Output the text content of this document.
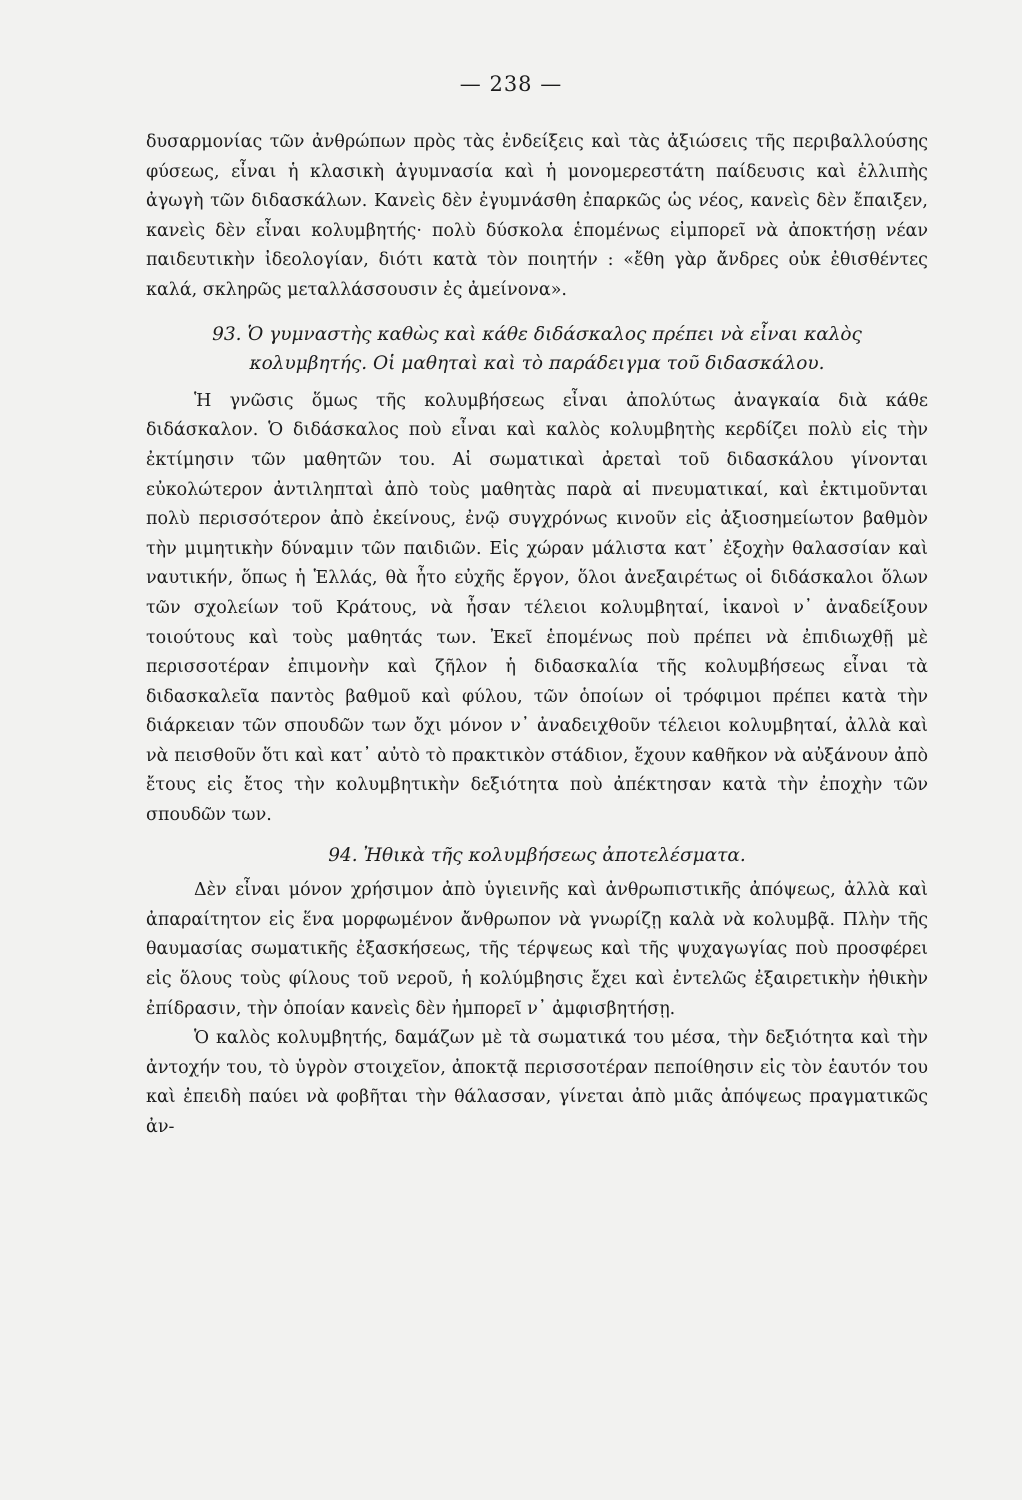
— 238 —

δυσαρμονίας τῶν ἀνθρώπων πρὸς τὰς ἐνδείξεις καὶ τὰς ἀξιώσεις τῆς περιβαλλούσης φύσεως, εἶναι ἡ κλασικὴ ἀγυμνασία καὶ ἡ μονομερεστάτη παίδευσις καὶ ἐλλιπὴς ἀγωγὴ τῶν διδασκάλων. Κανεὶς δὲν ἐγυμνάσθη ἐπαρκῶς ὡς νέος, κανεὶς δὲν ἔπαιξεν, κανεὶς δὲν εἶναι κολυμβητής· πολὺ δύσκολα ἑπομένως εἰμπορεῖ νὰ ἀποκτήσῃ νέαν παιδευτικὴν ἰδεολογίαν, διότι κατὰ τὸν ποιητήν : «ἔθη γὰρ ἄνδρες οὐκ ἐθισθέντες καλά, σκληρῶς μεταλλάσσουσιν ἐς ἀμείνονα».

93. Ὁ γυμναστὴς καθὼς καὶ κάθε διδάσκαλος πρέπει νὰ εἶναι καλὸς κολυμβητής. Οἱ μαθηταὶ καὶ τὸ παράδειγμα τοῦ διδασκάλου.

Ἡ γνῶσις ὅμως τῆς κολυμβήσεως εἶναι ἀπολύτως ἀναγκαία διὰ κάθε διδάσκαλον. Ὁ διδάσκαλος ποὺ εἶναι καὶ καλὸς κολυμβητὴς κερδίζει πολὺ εἰς τὴν ἐκτίμησιν τῶν μαθητῶν του. Αἱ σωματικαὶ ἀρεταὶ τοῦ διδασκάλου γίνονται εὐκολώτερον ἀντιληπταὶ ἀπὸ τοὺς μαθητὰς παρὰ αἱ πνευματικαί, καὶ ἐκτιμοῦνται πολὺ περισσότερον ἀπὸ ἐκείνους, ἐνῷ συγχρόνως κινοῦν εἰς ἀξιοσημείωτον βαθμὸν τὴν μιμητικὴν δύναμιν τῶν παιδιῶν. Εἰς χώραν μάλιστα κατ᾽ ἐξοχὴν θαλασσίαν καὶ ναυτικήν, ὅπως ἡ Ἑλλάς, θὰ ἦτο εὐχῆς ἔργον, ὅλοι ἀνεξαιρέτως οἱ διδάσκαλοι ὅλων τῶν σχολείων τοῦ Κράτους, νὰ ἦσαν τέλειοι κολυμβηταί, ἱκανοὶ ν᾽ ἀναδείξουν τοιούτους καὶ τοὺς μαθητάς των. Ἐκεῖ ἑπομένως ποὺ πρέπει νὰ ἐπιδιωχθῇ μὲ περισσοτέραν ἐπιμονὴν καὶ ζῆλον ἡ διδασκαλία τῆς κολυμβήσεως εἶναι τὰ διδασκαλεῖα παντὸς βαθμοῦ καὶ φύλου, τῶν ὁποίων οἱ τρόφιμοι πρέπει κατὰ τὴν διάρκειαν τῶν σπουδῶν των ὄχι μόνον ν᾽ ἀναδειχθοῦν τέλειοι κολυμβηταί, ἀλλὰ καὶ νὰ πεισθοῦν ὅτι καὶ κατ᾽ αὐτὸ τὸ πρακτικὸν στάδιον, ἔχουν καθῆκον νὰ αὐξάνουν ἀπὸ ἔτους εἰς ἔτος τὴν κολυμβητικὴν δεξιότητα ποὺ ἀπέκτησαν κατὰ τὴν ἐποχὴν τῶν σπουδῶν των.

94. Ἠθικὰ τῆς κολυμβήσεως ἀποτελέσματα.

Δὲν εἶναι μόνον χρήσιμον ἀπὸ ὑγιεινῆς καὶ ἀνθρωπιστικῆς ἀπόψεως, ἀλλὰ καὶ ἀπαραίτητον εἰς ἕνα μορφωμένον ἄνθρωπον νὰ γνωρίζῃ καλὰ νὰ κολυμβᾷ. Πλὴν τῆς θαυμασίας σωματικῆς ἐξασκήσεως, τῆς τέρψεως καὶ τῆς ψυχαγωγίας ποὺ προσφέρει εἰς ὅλους τοὺς φίλους τοῦ νεροῦ, ἡ κολύμβησις ἔχει καὶ ἐντελῶς ἐξαιρετικὴν ἠθικὴν ἐπίδρασιν, τὴν ὁποίαν κανεὶς δὲν ἠμπορεῖ ν᾽ ἀμφισβητήσῃ.

Ὁ καλὸς κολυμβητής, δαμάζων μὲ τὰ σωματικά του μέσα, τὴν δεξιότητα καὶ τὴν ἀντοχήν του, τὸ ὑγρὸν στοιχεῖον, ἀποκτᾷ περισσοτέραν πεποίθησιν εἰς τὸν ἑαυτόν του καὶ ἐπειδὴ παύει νὰ φοβῆται τὴν θάλασσαν, γίνεται ἀπὸ μιᾶς ἀπόψεως πραγματικῶς ἀν-
